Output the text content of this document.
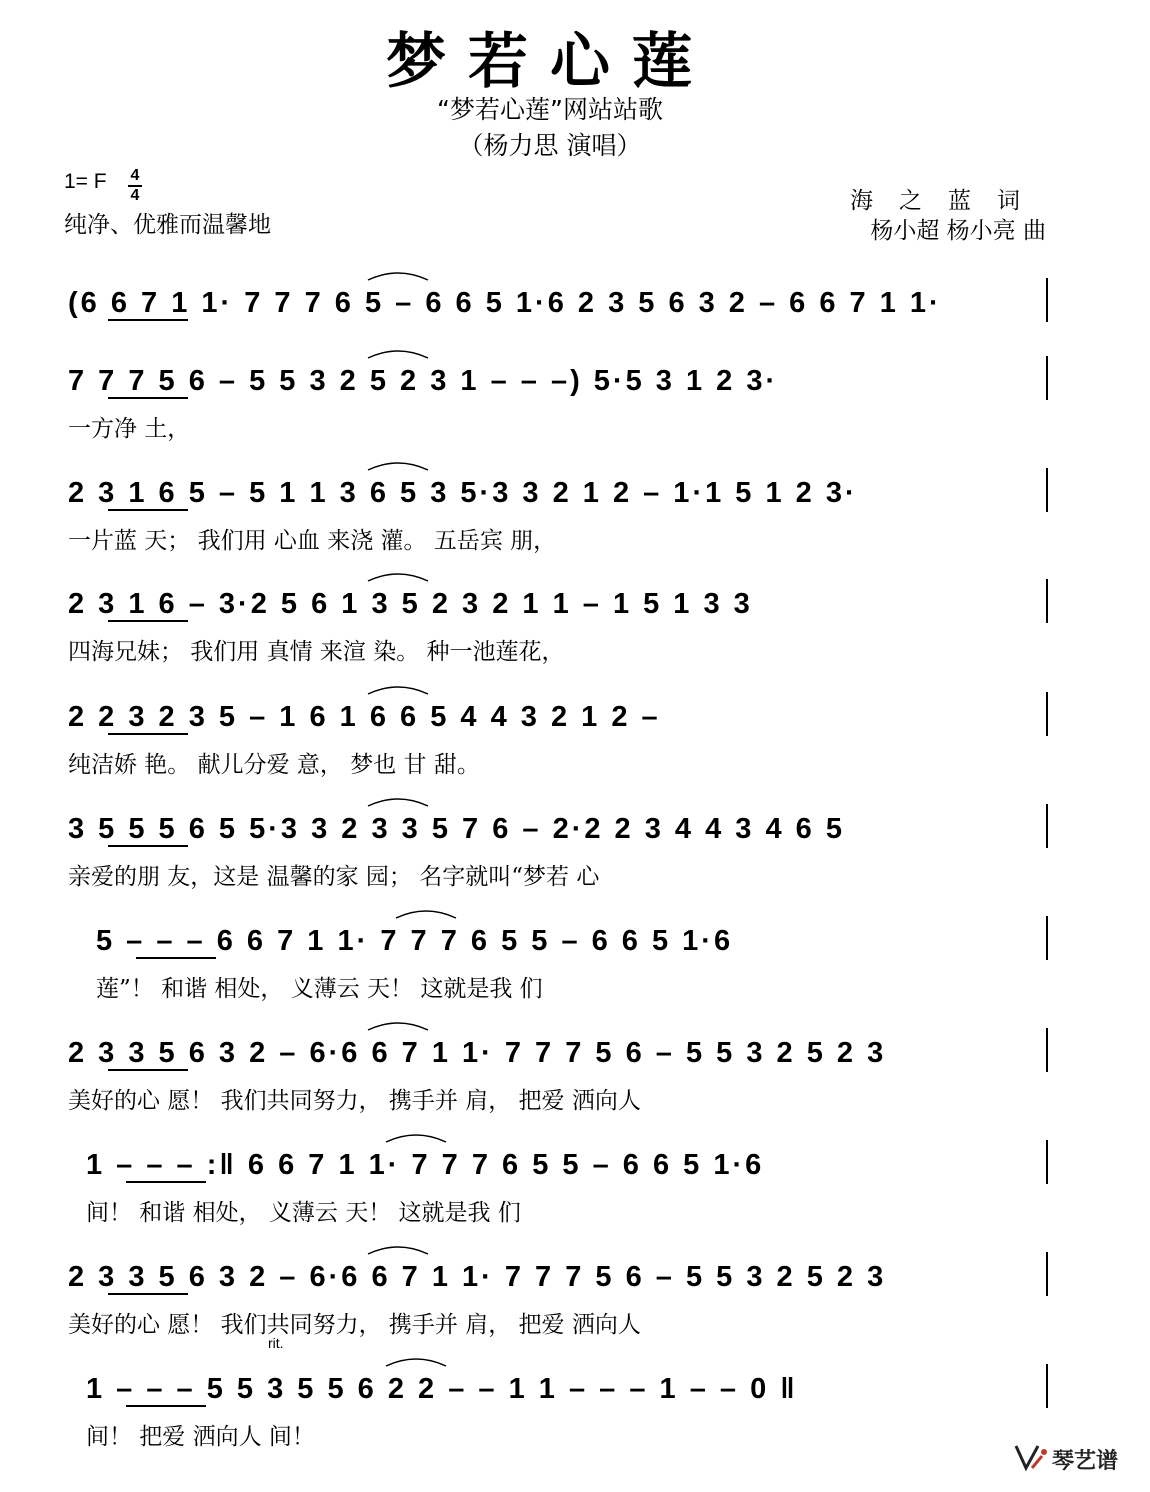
梦若心莲
“梦若心莲”网站站歌
（杨力思 演唱）
1= F 4
4
纯净、优雅而温馨地
海之蓝词
杨小超 杨小亮 曲
(6 6 7 1 1· 7 7 7 6 5 – 6 6 5 1·6 2 3 5 6 3 2 – 6 6 7 1 1·
7 7 7 5 6 – 5 5 3 2 5 2 3 1 – – –) 5·5 3 1 2 3·
一方净 土，
2 3 1 6 5 – 5 1 1 3 6 5 3 5·3 3 2 1 2 – 1·1 5 1 2 3·
一片蓝 天； 我们用 心血 来浇 灌。 五岳宾 朋，
2 3 1 6 – 3·2 5 6 1 3 5 2 3 2 1 1 – 1 5 1 3 3
四海兄妹； 我们用 真情 来渲 染。 种一池莲花，
2 2 3 2 3 5 – 1 6 1 6 6 5 4 4 3 2 1 2 –
纯洁娇 艳。 献儿分爱 意， 梦也 甘 甜。
3 5 5 5 6 5 5·3 3 2 3 3 5 7 6 – 2·2 2 3 4 4 3 4 6 5
亲爱的朋 友，这是 温馨的家 园； 名字就叫“梦若 心
5 – – – 6 6 7 1 1· 7 7 7 6 5 5 – 6 6 5 1·6
莲”！ 和谐 相处， 义薄云 天！ 这就是我 们
2 3 3 5 6 3 2 – 6·6 6 7 1 1· 7 7 7 5 6 – 5 5 3 2 5 2 3
美好的心 愿！ 我们共同努力， 携手并 肩， 把爱 洒向人
1 – – – :‖ 6 6 7 1 1· 7 7 7 6 5 5 – 6 6 5 1·6
间！ 和谐 相处， 义薄云 天！ 这就是我 们
2 3 3 5 6 3 2 – 6·6 6 7 1 1· 7 7 7 5 6 – 5 5 3 2 5 2 3
美好的心 愿！ 我们共同努力， 携手并 肩， 把爱 洒向人
1 – – – 5 5 3 5 5 6 2 2 – – 1 1 – – – 1 – – 0 ‖
间！ 把爱 洒向人 间！
rit.
琴艺谱
